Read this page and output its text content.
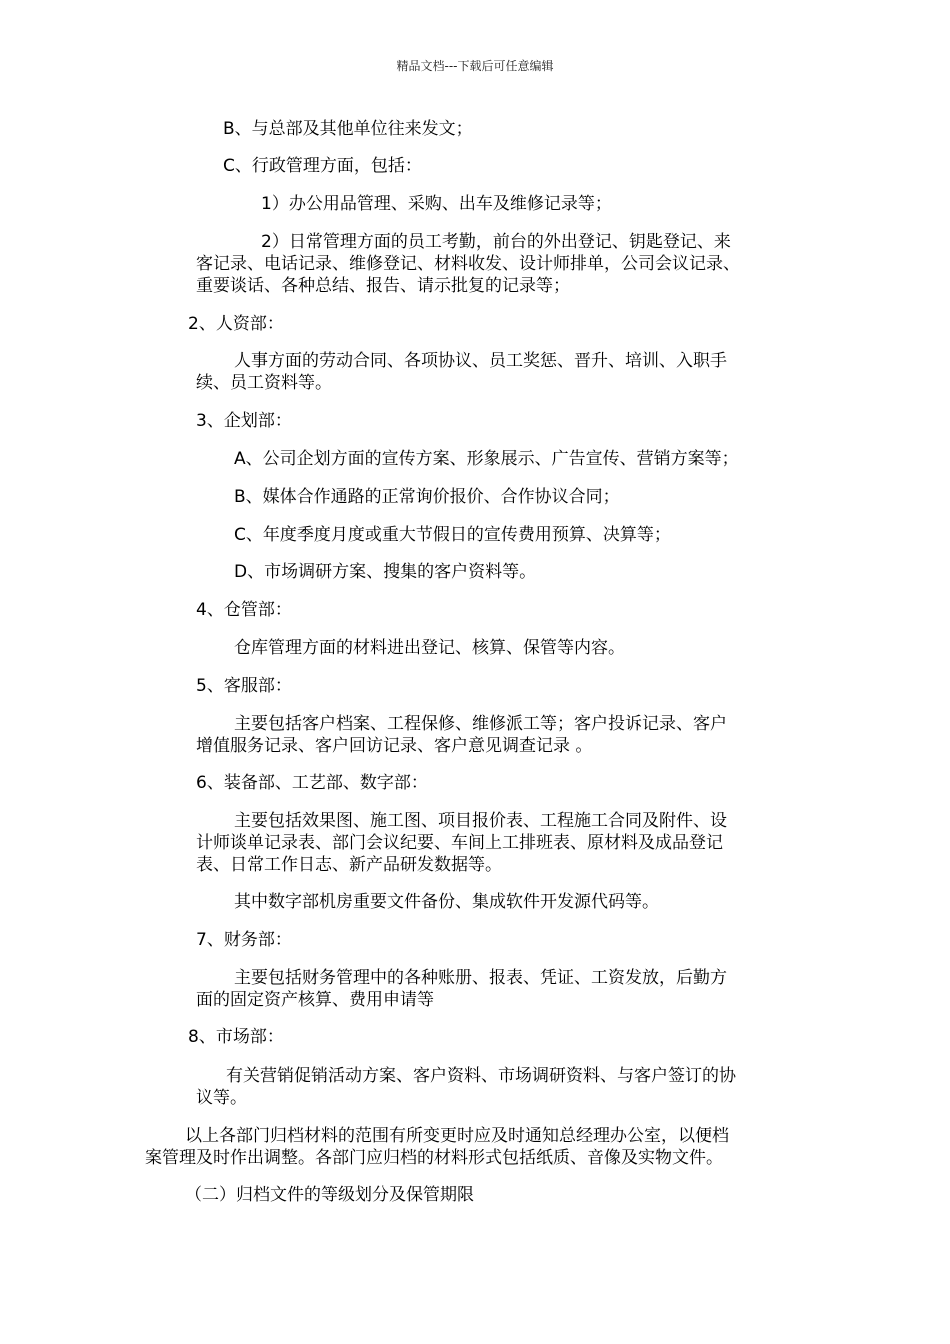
精品文档---下载后可任意编辑
B、与总部及其他单位往来发文；
C、行政管理方面，包括：
1）办公用品管理、采购、出车及维修记录等；
2）日常管理方面的员工考勤，前台的外出登记、钥匙登记、来
客记录、电话记录、维修登记、材料收发、设计师排单，公司会议记录、
重要谈话、各种总结、报告、请示批复的记录等；
2、人资部：
人事方面的劳动合同、各项协议、员工奖惩、晋升、培训、入职手
续、员工资料等。
3、企划部：
A、公司企划方面的宣传方案、形象展示、广告宣传、营销方案等；
B、媒体合作通路的正常询价报价、合作协议合同；
C、年度季度月度或重大节假日的宣传费用预算、决算等；
D、市场调研方案、搜集的客户资料等。
4、仓管部：
仓库管理方面的材料进出登记、核算、保管等内容。
5、客服部：
主要包括客户档案、工程保修、维修派工等；客户投诉记录、客户
增值服务记录、客户回访记录、客户意见调查记录 。
6、装备部、工艺部、数字部：
主要包括效果图、施工图、项目报价表、工程施工合同及附件、设
计师谈单记录表、部门会议纪要、车间上工排班表、原材料及成品登记
表、日常工作日志、新产品研发数据等。
其中数字部机房重要文件备份、集成软件开发源代码等。
7、财务部：
主要包括财务管理中的各种账册、报表、凭证、工资发放，后勤方
面的固定资产核算、费用申请等
8、市场部：
有关营销促销活动方案、客户资料、市场调研资料、与客户签订的协
议等。
以上各部门归档材料的范围有所变更时应及时通知总经理办公室，以便档
案管理及时作出调整。各部门应归档的材料形式包括纸质、音像及实物文件。
（二）归档文件的等级划分及保管期限
